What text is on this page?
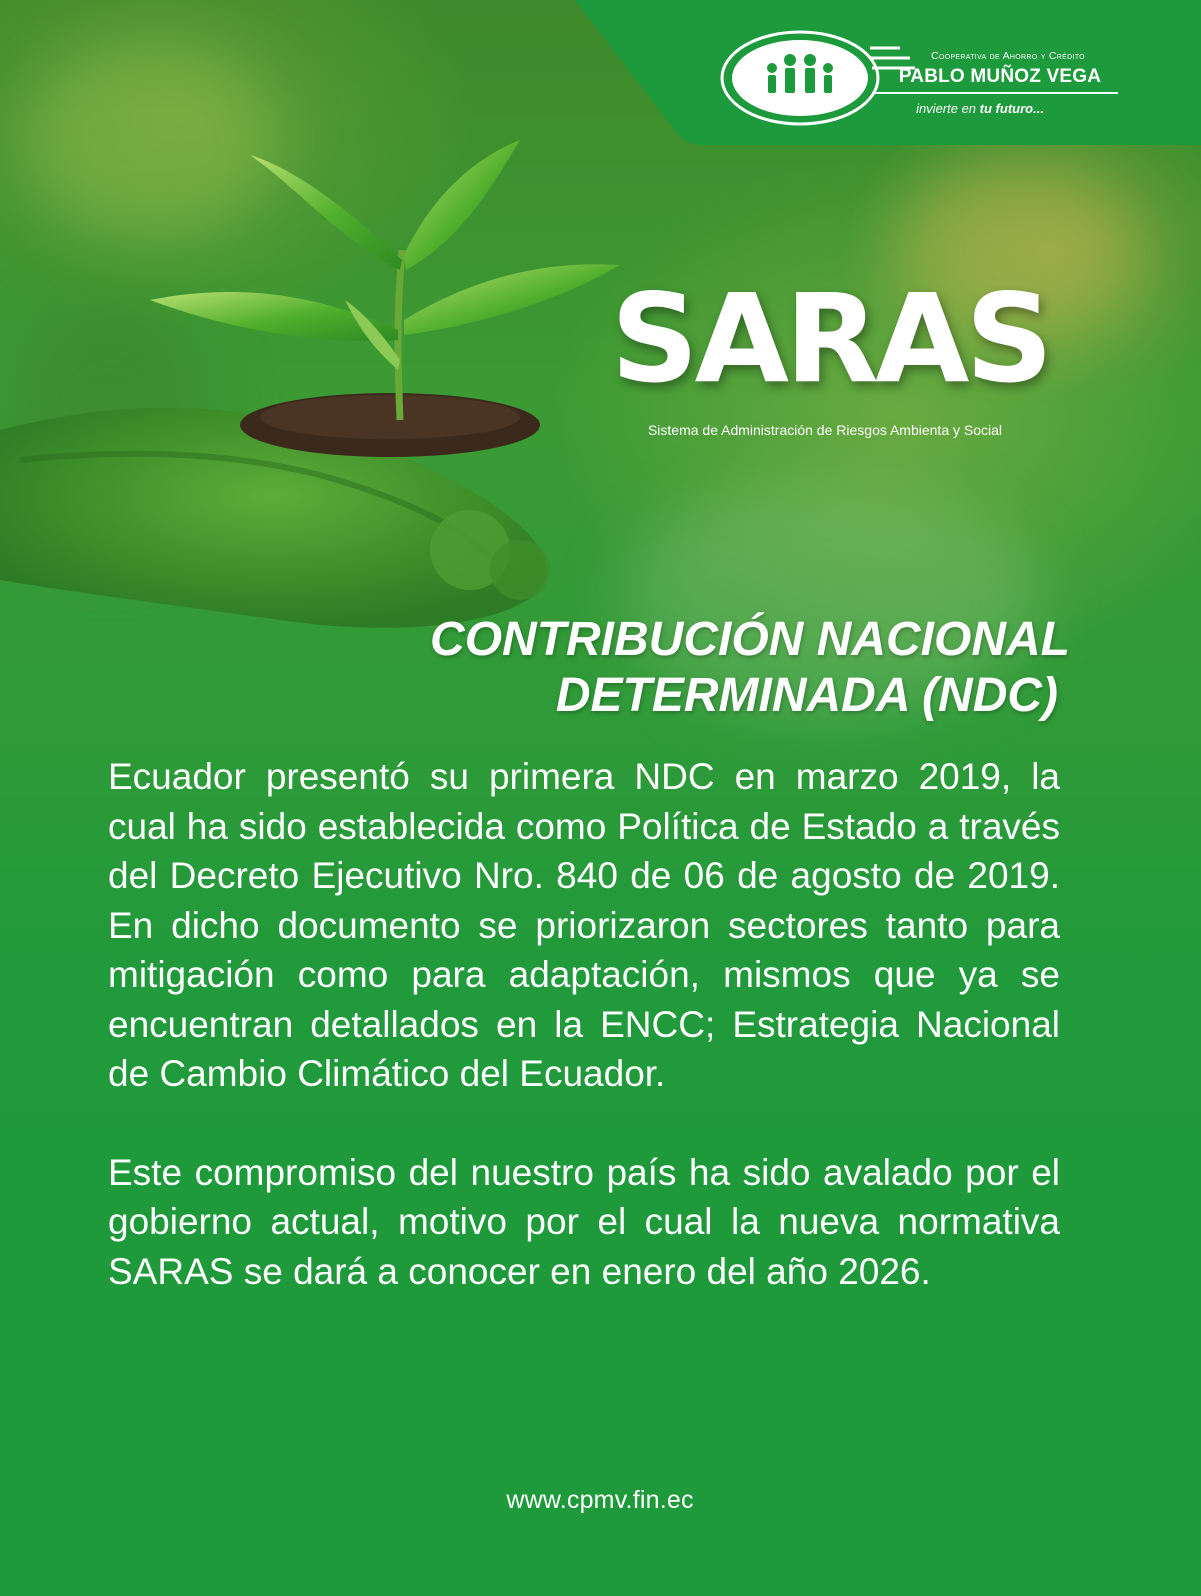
Cooperativa de Ahorro y Crédito
PABLO MUÑOZ VEGA
invierte en tu futuro...
SARAS
Sistema de Administración de Riesgos Ambienta y Social
CONTRIBUCIÓN NACIONAL
DETERMINADA (NDC)

Ecuador presentó su primera NDC en marzo 2019, la cual ha sido establecida como Política de Estado a través del Decreto Ejecutivo Nro. 840 de 06 de agosto de 2019. En dicho documento se priorizaron sectores tanto para mitigación como para adaptación, mismos que ya se encuentran detallados en la ENCC; Estrategia Nacional de Cambio Climático del Ecuador.

Este compromiso del nuestro país ha sido avalado por el gobierno actual, motivo por el cual la nueva normativa SARAS se dará a conocer en enero del año 2026.

www.cpmv.fin.ec
